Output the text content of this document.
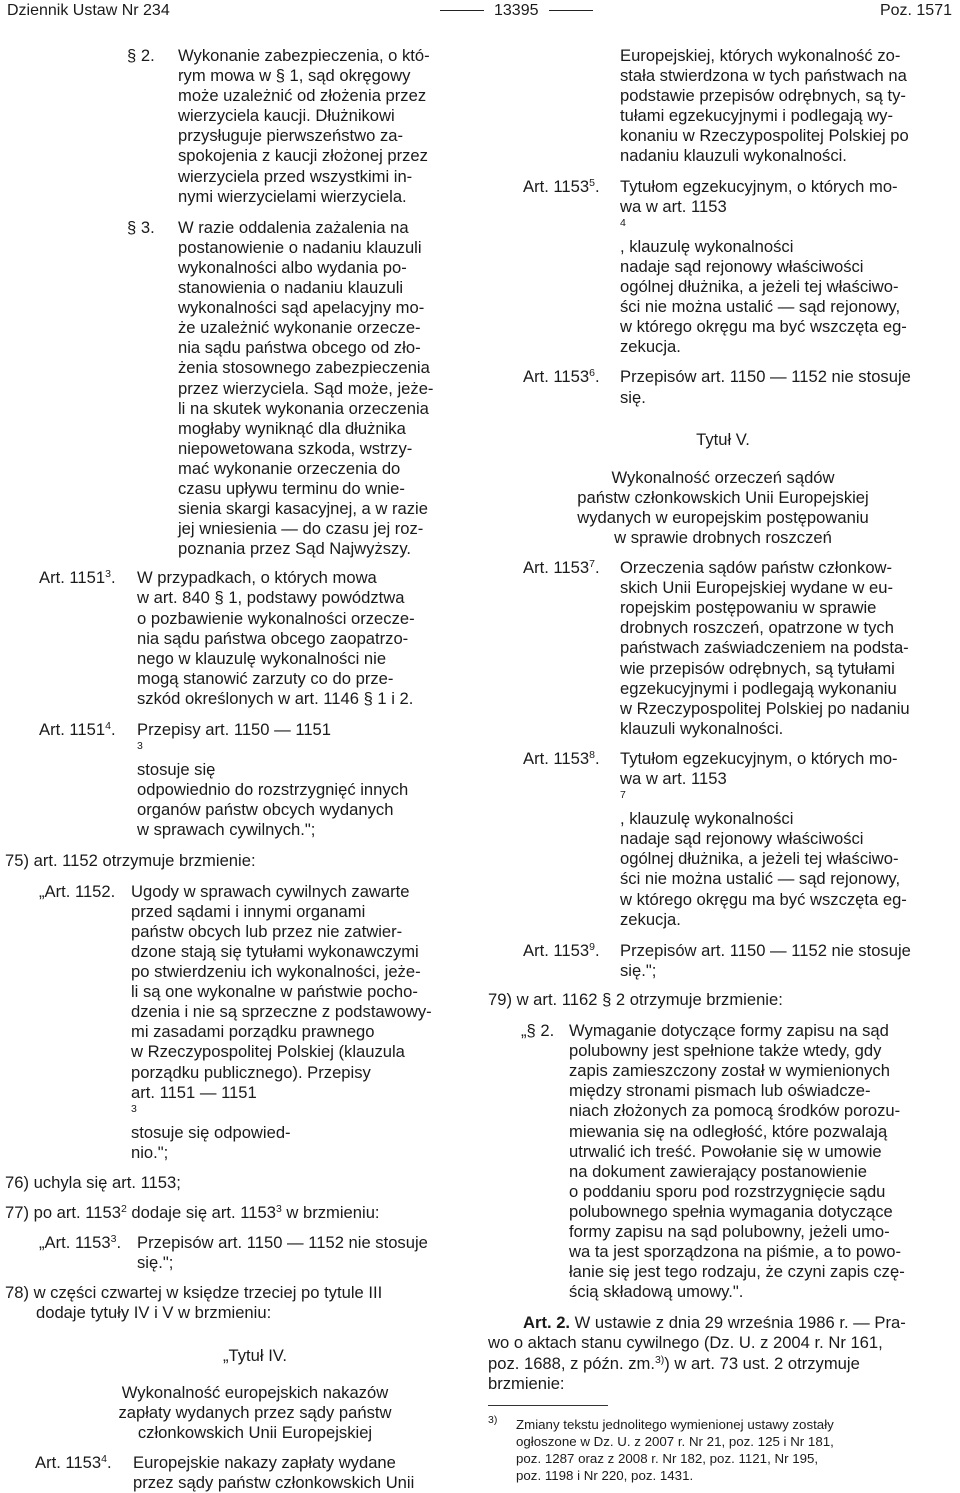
Dziennik Ustaw Nr 234	13395	Poz. 1571
§ 2.	Wykonanie zabezpieczenia, o któ-
rym mowa w § 1, sąd okręgowy
może uzależnić od złożenia przez
wierzyciela kaucji. Dłużnikowi
przysługuje pierwszeństwo za-
spokojenia z kaucji złożonej przez
wierzyciela przed wszystkimi in-
nymi wierzycielami wierzyciela.
§ 3.	W razie oddalenia zażalenia na
postanowienie o nadaniu klauzuli
wykonalności albo wydania po-
stanowienia o nadaniu klauzuli
wykonalności sąd apelacyjny mo-
że uzależnić wykonanie orzecze-
nia sądu państwa obcego od zło-
żenia stosownego zabezpieczenia
przez wierzyciela. Sąd może, jeże-
li na skutek wykonania orzeczenia
mogłaby wyniknąć dla dłużnika
niepowetowana szkoda, wstrzy-
mać wykonanie orzeczenia do
czasu upływu terminu do wnie-
sienia skargi kasacyjnej, a w razie
jej wniesienia — do czasu jej roz-
poznania przez Sąd Najwyższy.
Art. 1151$^3$.	W przypadkach, o których mowa
w art. 840 § 1, podstawy powództwa
o pozbawienie wykonalności orzecze-
nia sądu państwa obcego zaopatrzo-
nego w klauzulę wykonalności nie
mogą stanowić zarzuty co do prze-
szkód określonych w art. 1146 § 1 i 2.
Art. 1151$^4$.	Przepisy art. 1150 — 1151
$^3$
stosuje się
odpowiednio do rozstrzygnięć innych
organów państw obcych wydanych
w sprawach cywilnych.";

75) art. 1152 otrzymuje brzmienie:

„Art. 1152. Ugody w sprawach cywilnych zawarte
przed sądami i innymi organami
państw obcych lub przez nie zatwier-
dzone stają się tytułami wykonawczymi
po stwierdzeniu ich wykonalności, jeże-
li są one wykonalne w państwie pocho-
dzenia i nie są sprzeczne z podstawowy-
mi zasadami porządku prawnego
w Rzeczypospolitej Polskiej (klauzula
porządku publicznego). Przepisy
art. 1151 — 1151
$^3$
stosuje się odpowied-
nio.";

76) uchyla się art. 1153;

77) po art. 1153$^2$ dodaje się art. 1153$^3$ w brzmieniu:

„Art. 1153$^3$. Przepisów art. 1150 — 1152 nie stosuje
się.";
78) w części czwartej w księdze trzeciej po tytule III
dodaje tytuły IV i V w brzmieniu:

„Tytuł IV.

Wykonalność europejskich nakazów
zapłaty wydanych przez sądy państw
członkowskich Unii Europejskiej

Art. 1153$^4$.	Europejskie nakazy zapłaty wydane
przez sądy państw członkowskich Unii
Europejskiej, których wykonalność zo-
stała stwierdzona w tych państwach na
podstawie przepisów odrębnych, są ty-
tułami egzekucyjnymi i podlegają wy-
konaniu w Rzeczypospolitej Polskiej po
nadaniu klauzuli wykonalności.
Art. 1153$^5$.	Tytułom egzekucyjnym, o których mo-
wa w art. 1153
$^4$
, klauzulę wykonalności
nadaje sąd rejonowy właściwości
ogólnej dłużnika, a jeżeli tej właściwo-
ści nie można ustalić — sąd rejonowy,
w którego okręgu ma być wszczęta eg-
zekucja.
Art. 1153$^6$.	Przepisów art. 1150 — 1152 nie stosuje
się.

Tytuł V.

Wykonalność orzeczeń sądów
państw członkowskich Unii Europejskiej
wydanych w europejskim postępowaniu
w sprawie drobnych roszczeń

Art. 1153$^7$.	Orzeczenia sądów państw członkow-
skich Unii Europejskiej wydane w eu-
ropejskim postępowaniu w sprawie
drobnych roszczeń, opatrzone w tych
państwach zaświadczeniem na podsta-
wie przepisów odrębnych, są tytułami
egzekucyjnymi i podlegają wykonaniu
w Rzeczypospolitej Polskiej po nadaniu
klauzuli wykonalności.
Art. 1153$^8$.	Tytułom egzekucyjnym, o których mo-
wa w art. 1153
$^7$
, klauzulę wykonalności
nadaje sąd rejonowy właściwości
ogólnej dłużnika, a jeżeli tej właściwo-
ści nie można ustalić — sąd rejonowy,
w którego okręgu ma być wszczęta eg-
zekucja.
Art. 1153$^9$.	Przepisów art. 1150 — 1152 nie stosuje
się.";

79) w art. 1162 § 2 otrzymuje brzmienie:

„§ 2. Wymaganie dotyczące formy zapisu na sąd
polubowny jest spełnione także wtedy, gdy
zapis zamieszczony został w wymienionych
między stronami pismach lub oświadcze-
niach złożonych za pomocą środków porozu-
miewania się na odległość, które pozwalają
utrwalić ich treść. Powołanie się w umowie
na dokument zawierający postanowienie
o poddaniu sporu pod rozstrzygnięcie sądu
polubownego spełnia wymagania dotyczące
formy zapisu na sąd polubowny, jeżeli umo-
wa ta jest sporządzona na piśmie, a to powo-
łanie się jest tego rodzaju, że czyni zapis czę-
ścią składową umowy.".
Art. 2. W ustawie z dnia 29 września 1986 r. — Pra-
wo o aktach stanu cywilnego (Dz. U. z 2004 r. Nr 161,
poz. 1688, z późn. zm.$^{3)}$) w art. 73 ust. 2 otrzymuje
brzmienie:
$^{3)}$	Zmiany tekstu jednolitego wymienionej ustawy zostały
ogłoszone w Dz. U. z 2007 r. Nr 21, poz. 125 i Nr 181,
poz. 1287 oraz z 2008 r. Nr 182, poz. 1121, Nr 195,
poz. 1198 i Nr 220, poz. 1431.
